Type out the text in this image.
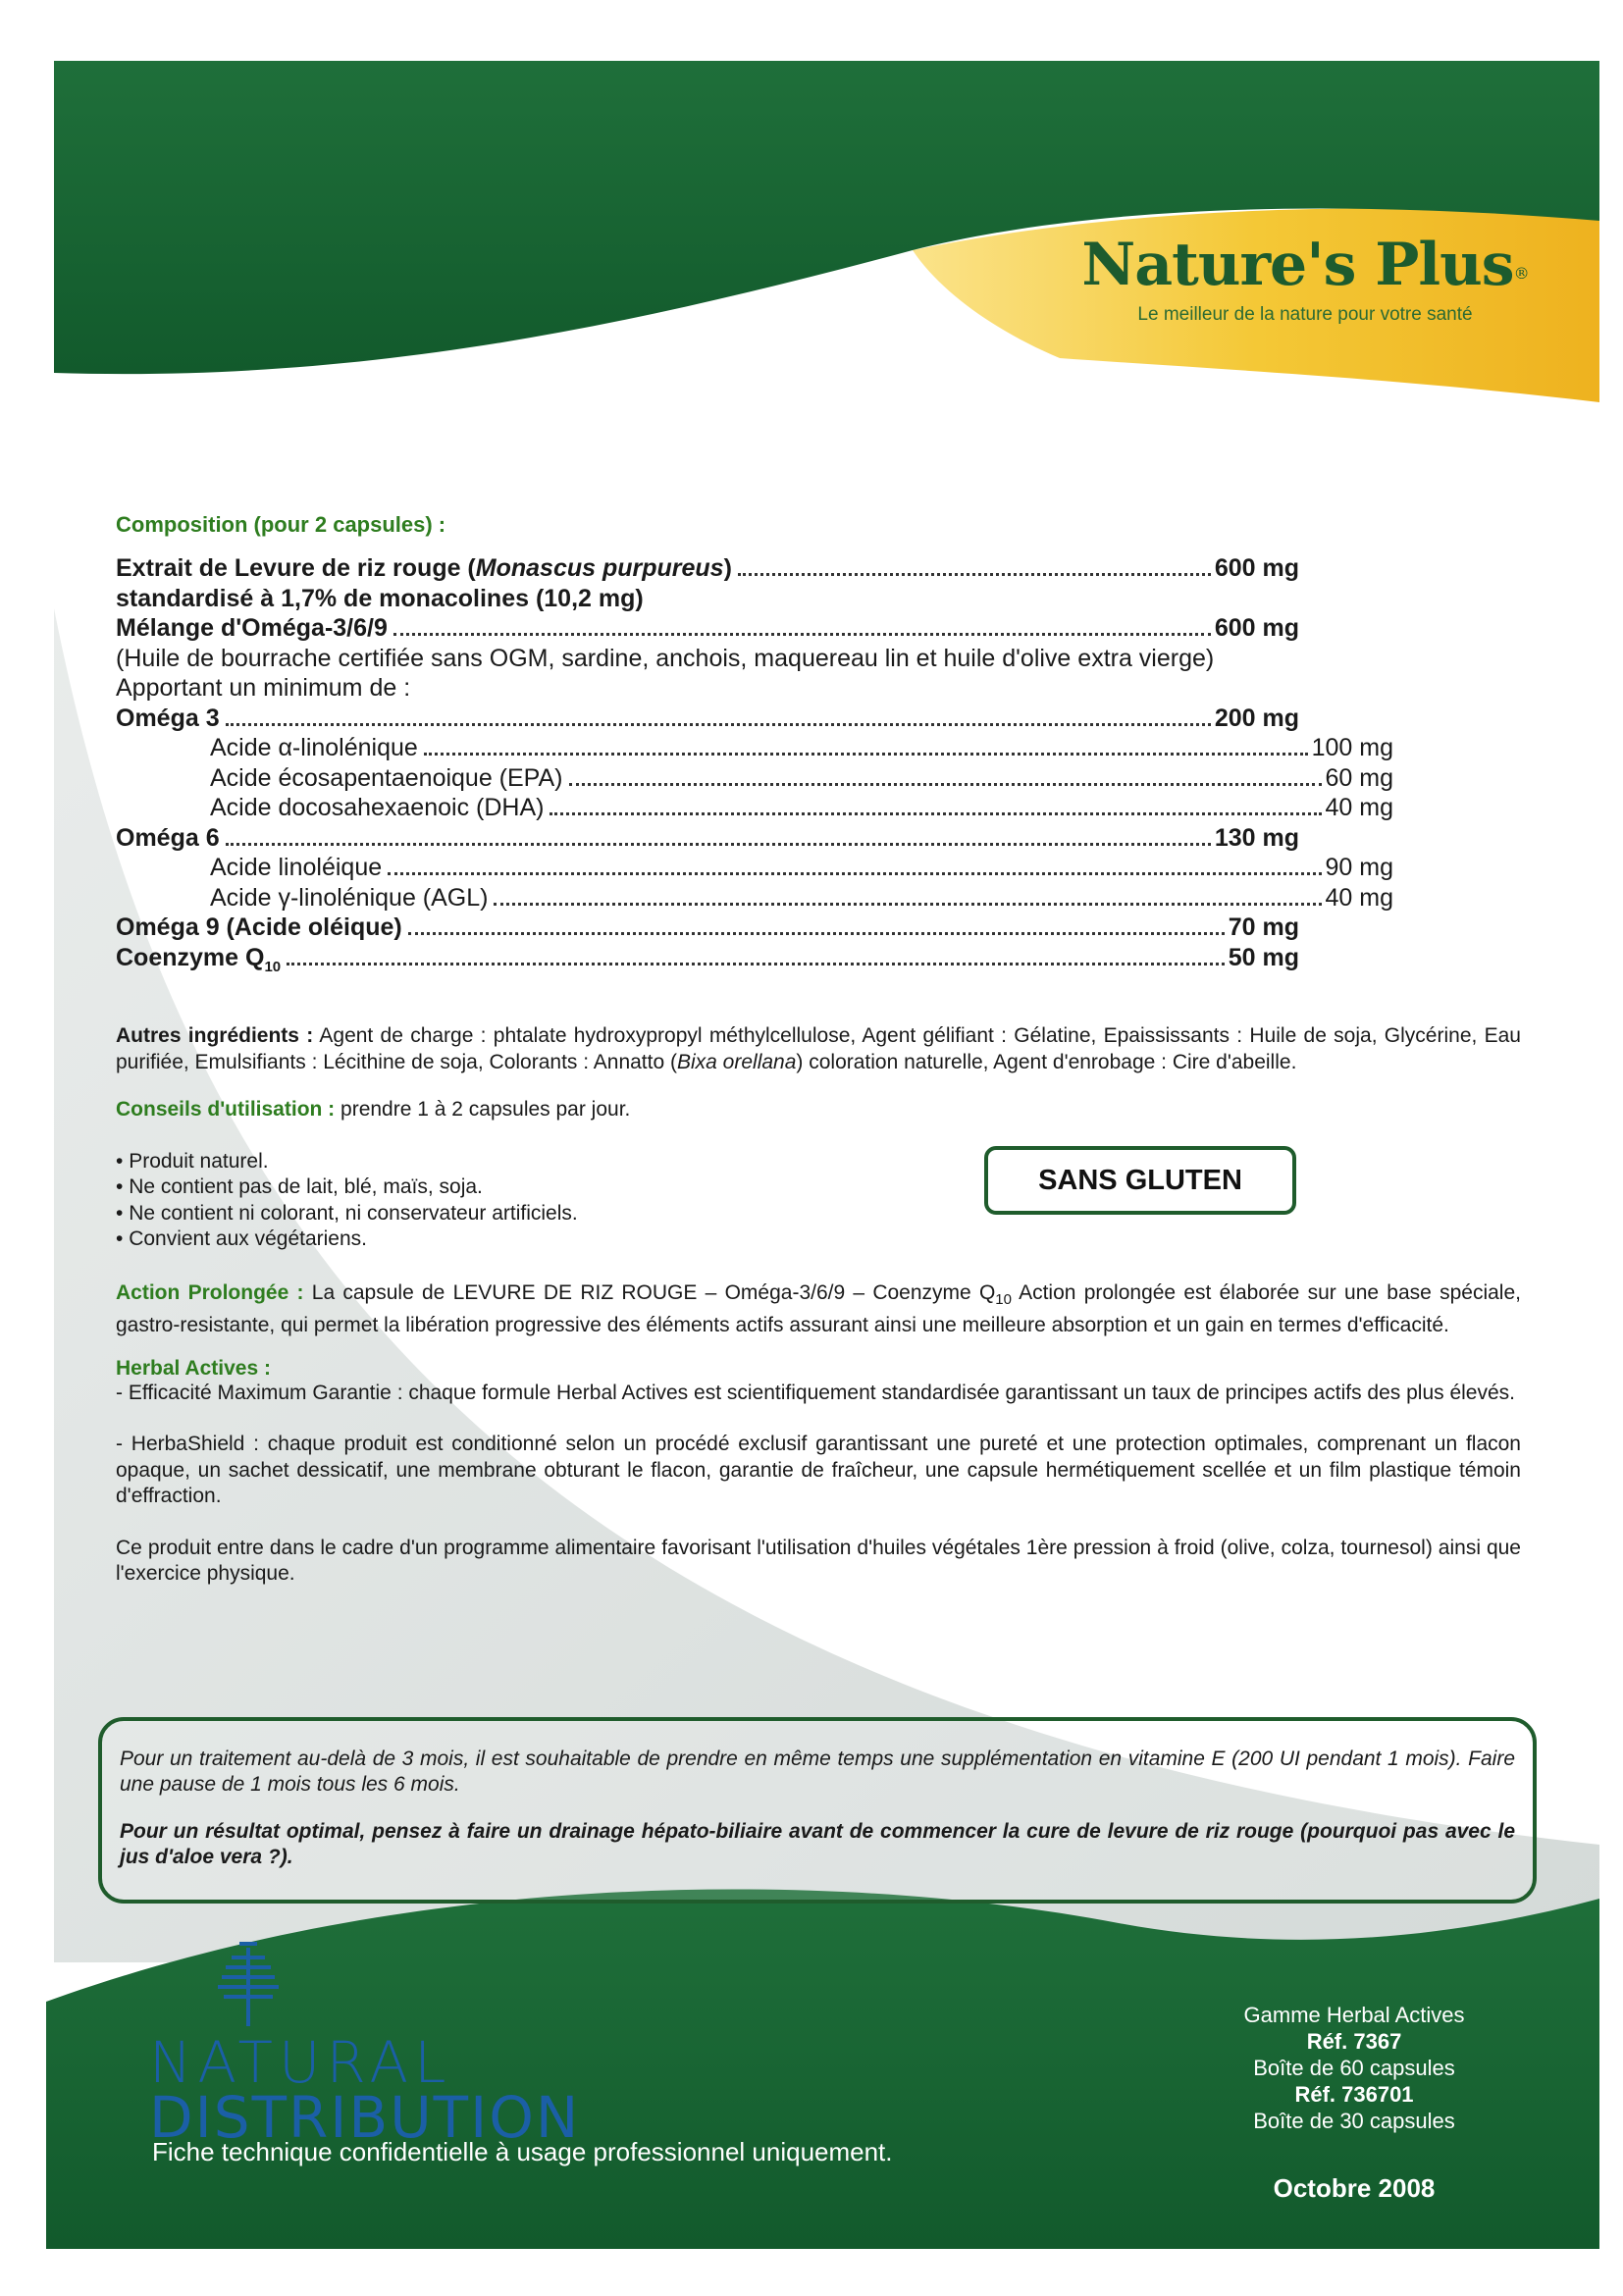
Nature's Plus®
Le meilleur de la nature pour votre santé
Composition (pour 2 capsules) :
Extrait de Levure de riz rouge (Monascus purpureus)	600 mg
standardisé à 1,7% de monacolines (10,2 mg)
Mélange d'Oméga-3/6/9	600 mg
(Huile de bourrache certifiée sans OGM, sardine, anchois, maquereau lin et huile d'olive extra vierge)
Apportant un minimum de :
Oméga 3	200 mg
Acide α-linolénique	100 mg
Acide écosapentaenoique (EPA)	60 mg
Acide docosahexaenoic (DHA)	40 mg
Oméga 6	130 mg
Acide linoléique	90 mg
Acide γ-linolénique (AGL)	40 mg
Oméga 9 (Acide oléique)	70 mg
Coenzyme $Q_{10}$	50 mg

Autres ingrédients : Agent de charge : phtalate hydroxypropyl méthylcellulose, Agent gélifiant : Gélatine, Epaississants : Huile de soja, Glycérine, Eau purifiée, Emulsifiants : Lécithine de soja, Colorants : Annatto (Bixa orellana) coloration naturelle, Agent d'enrobage : Cire d'abeille.

Conseils d'utilisation : prendre 1 à 2 capsules par jour.

• Produit naturel.
• Ne contient pas de lait, blé, maïs, soja.
• Ne contient ni colorant, ni conservateur artificiels.
• Convient aux végétariens.

Action Prolongée : La capsule de LEVURE DE RIZ ROUGE – Oméga-3/6/9 – Coenzyme $Q_{10}$ Action prolongée est élaborée sur une base spéciale, gastro-resistante, qui permet la libération progressive des éléments actifs assurant ainsi une meilleure absorption et un gain en termes d'efficacité.

Herbal Actives :

- Efficacité Maximum Garantie : chaque formule Herbal Actives est scientifiquement standardisée garantissant un taux de principes actifs des plus élevés.

- HerbaShield : chaque produit est conditionné selon un procédé exclusif garantissant une pureté et une protection optimales, comprenant un flacon opaque, un sachet dessicatif, une membrane obturant le flacon, garantie de fraîcheur, une capsule hermétiquement scellée et un film plastique témoin d'effraction.

Ce produit entre dans le cadre d'un programme alimentaire favorisant l'utilisation d'huiles végétales 1ère pression à froid (olive, colza, tournesol) ainsi que l'exercice physique.

SANS GLUTEN

Pour un traitement au-delà de 3 mois, il est souhaitable de prendre en même temps une supplémentation en vitamine E (200 UI pendant 1 mois). Faire une pause de 1 mois tous les 6 mois.

Pour un résultat optimal, pensez à faire un drainage hépato-biliaire avant de commencer la cure de levure de riz rouge (pourquoi pas avec le jus d'aloe vera ?).

NATURAL
DISTRIBUTION
Fiche technique confidentielle à usage professionnel uniquement.
Gamme Herbal Actives
Réf. 7367
Boîte de 60 capsules
Réf. 736701
Boîte de 30 capsules
Octobre 2008
